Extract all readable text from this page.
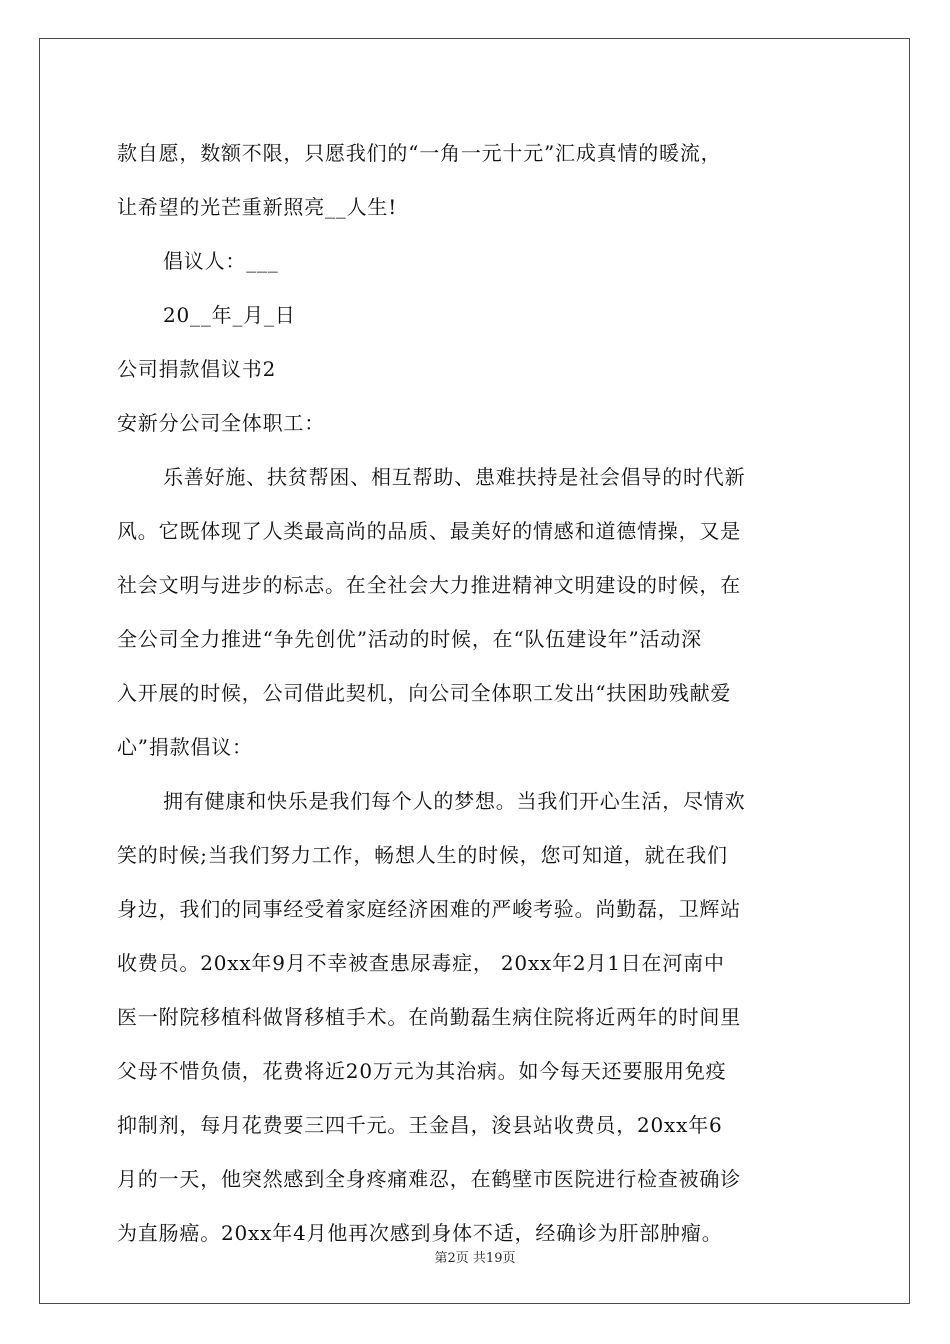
款自愿，数额不限，只愿我们的“一角一元十元”汇成真情的暖流，
让希望的光芒重新照亮__人生!
倡议人：___
20__年_月_日
公司捐款倡议书2
安新分公司全体职工：
乐善好施、扶贫帮困、相互帮助、患难扶持是社会倡导的时代新
风。它既体现了人类最高尚的品质、最美好的情感和道德情操，又是
社会文明与进步的标志。在全社会大力推进精神文明建设的时候，在
全公司全力推进“争先创优”活动的时候，在“队伍建设年”活动深
入开展的时候，公司借此契机，向公司全体职工发出“扶困助残献爱
心”捐款倡议：
拥有健康和快乐是我们每个人的梦想。当我们开心生活，尽情欢
笑的时候;当我们努力工作，畅想人生的时候，您可知道，就在我们
身边，我们的同事经受着家庭经济困难的严峻考验。尚勤磊，卫辉站
收费员。20xx年9月不幸被查患尿毒症， 20xx年2月1日在河南中
医一附院移植科做肾移植手术。在尚勤磊生病住院将近两年的时间里
父母不惜负债，花费将近20万元为其治病。如今每天还要服用免疫
抑制剂，每月花费要三四千元。王金昌，浚县站收费员，20xx年6
月的一天，他突然感到全身疼痛难忍，在鹤壁市医院进行检查被确诊
为直肠癌。20xx年4月他再次感到身体不适，经确诊为肝部肿瘤。
第2页 共19页
